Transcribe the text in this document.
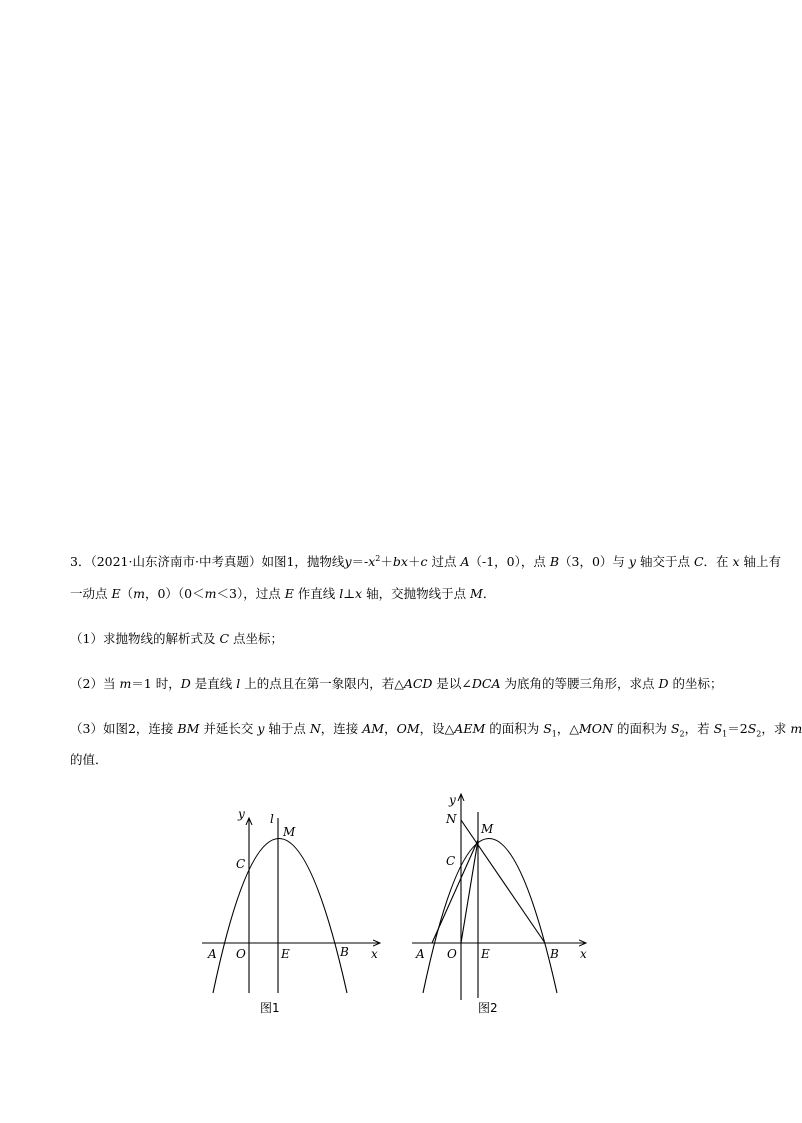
3．（2021·山东济南市·中考真题）如图1，抛物线$y=-x^2+bx+c$ 过点 A（-1，0），点 B（3，0）与 y 轴交于点 C．在 x 轴上有
一动点 E（m，0）（0＜m＜3），过点 E 作直线 l⊥x 轴，交抛物线于点 M．
（1）求抛物线的解析式及 C 点坐标；
（2）当 m＝1 时，D 是直线 l 上的点且在第一象限内，若△ACD 是以∠DCA 为底角的等腰三角形，求点 D 的坐标；
（3）如图2，连接 BM 并延长交 y 轴于点 N，连接 AM，OM，设△AEM 的面积为 $S_1$，△MON 的面积为 $S_2$，若 $S_1=2S_2$，求 m
的值．
y l
M
C
A O	E	B x
图1
y
N
M
C
A O E	B x
图2
